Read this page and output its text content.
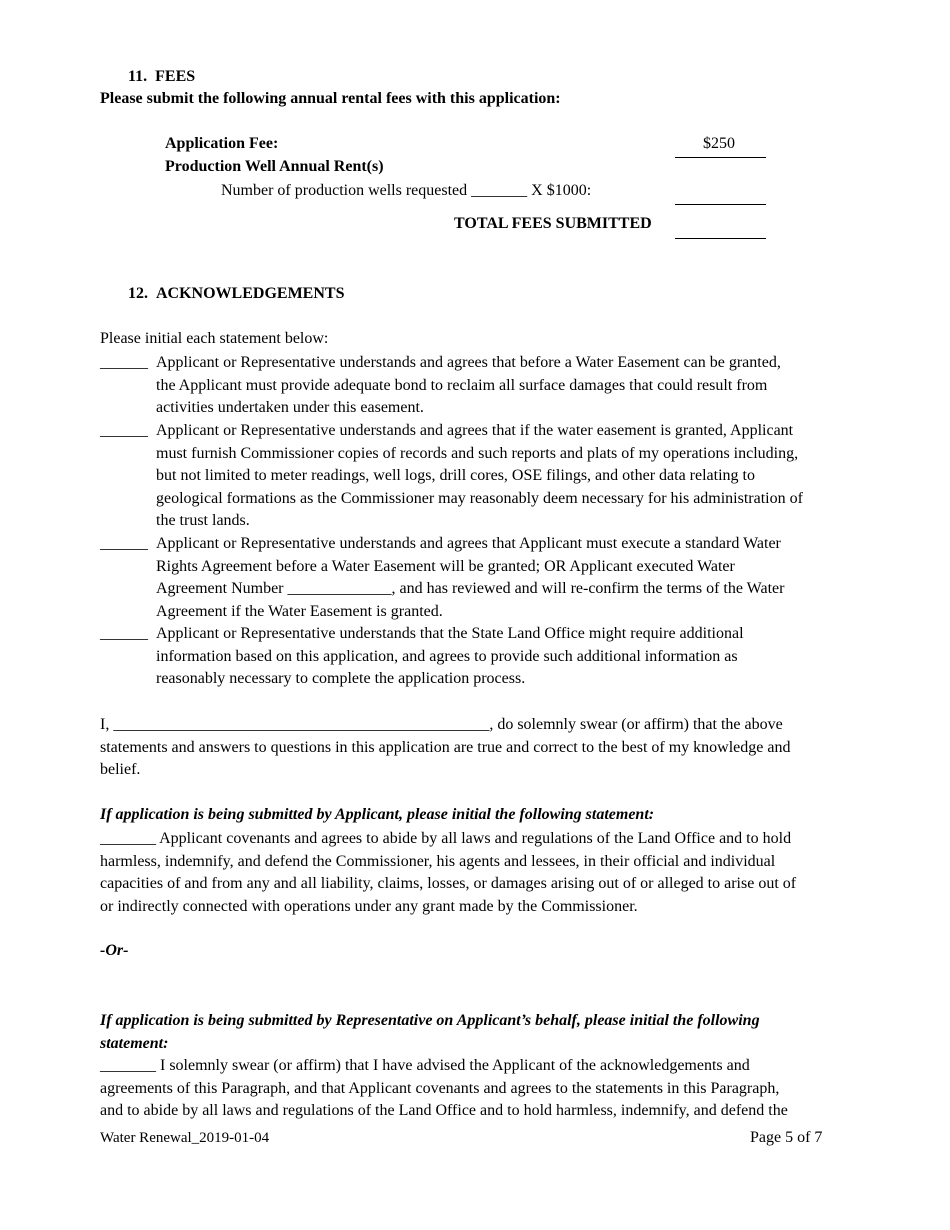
11. FEES
Please submit the following annual rental fees with this application:
Application Fee:	$250
Production Well Annual Rent(s)
Number of production wells requested _______ X $1000:
TOTAL FEES SUBMITTED
12. ACKNOWLEDGEMENTS
Please initial each statement below:
______ Applicant or Representative understands and agrees that before a Water Easement can be granted,
the Applicant must provide adequate bond to reclaim all surface damages that could result from
activities undertaken under this easement.
______ Applicant or Representative understands and agrees that if the water easement is granted, Applicant
must furnish Commissioner copies of records and such reports and plats of my operations including,
but not limited to meter readings, well logs, drill cores, OSE filings, and other data relating to
geological formations as the Commissioner may reasonably deem necessary for his administration of
the trust lands.
______ Applicant or Representative understands and agrees that Applicant must execute a standard Water
Rights Agreement before a Water Easement will be granted; OR Applicant executed Water
Agreement Number _____________, and has reviewed and will re-confirm the terms of the Water
Agreement if the Water Easement is granted.
______ Applicant or Representative understands that the State Land Office might require additional
information based on this application, and agrees to provide such additional information as
reasonably necessary to complete the application process.
I, _______________________________________________, do solemnly swear (or affirm) that the above
statements and answers to questions in this application are true and correct to the best of my knowledge and
belief.
If application is being submitted by Applicant, please initial the following statement:
_______ Applicant covenants and agrees to abide by all laws and regulations of the Land Office and to hold
harmless, indemnify, and defend the Commissioner, his agents and lessees, in their official and individual
capacities of and from any and all liability, claims, losses, or damages arising out of or alleged to arise out of
or indirectly connected with operations under any grant made by the Commissioner.
-Or-
If application is being submitted by Representative on Applicant’s behalf, please initial the following
statement:
_______ I solemnly swear (or affirm) that I have advised the Applicant of the acknowledgements and
agreements of this Paragraph, and that Applicant covenants and agrees to the statements in this Paragraph,
and to abide by all laws and regulations of the Land Office and to hold harmless, indemnify, and defend the
Water Renewal_2019-01-04	Page 5 of 7
